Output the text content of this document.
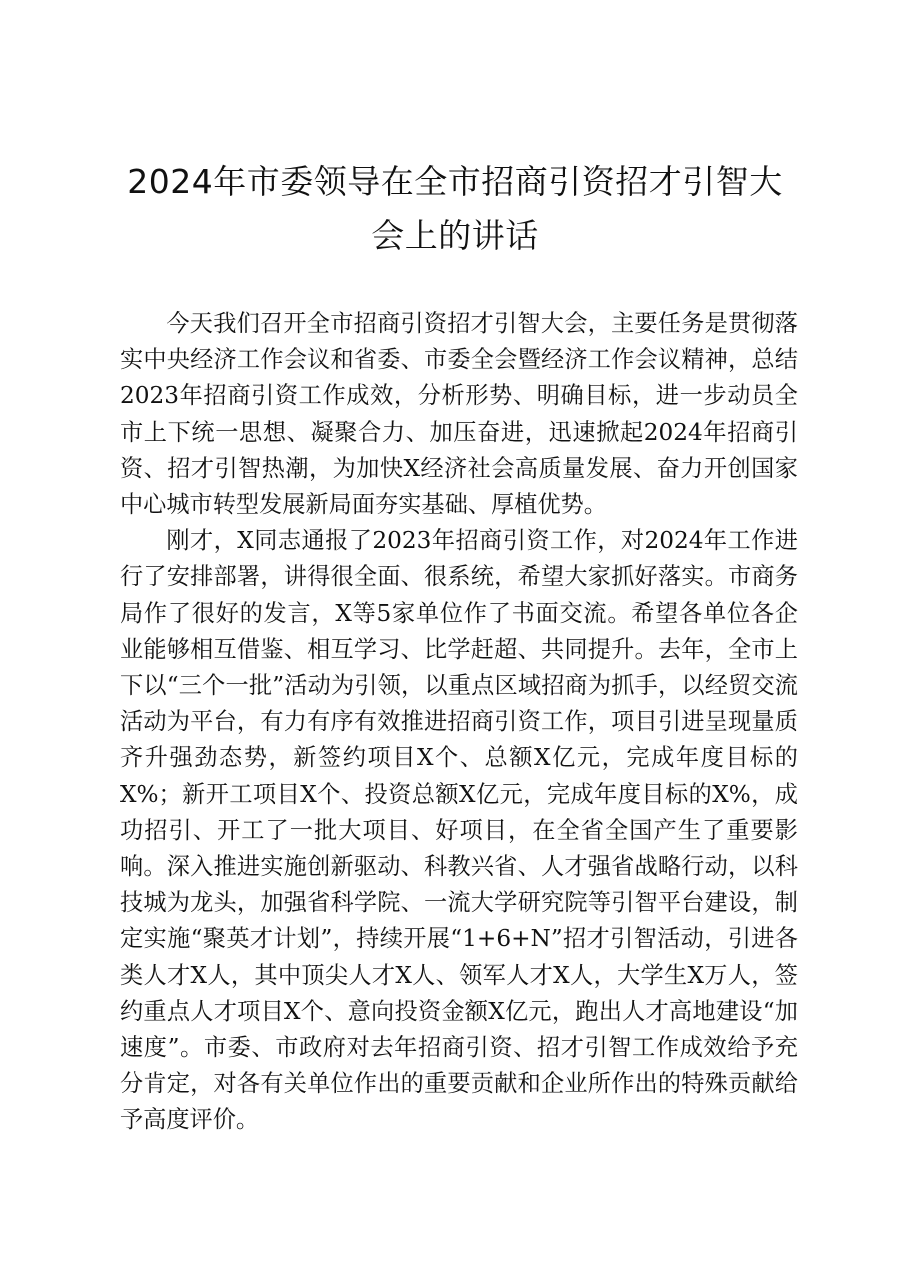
2024年市委领导在全市招商引资招才引智大
会上的讲话

今天我们召开全市招商引资招才引智大会，主要任务是贯彻落实中央经济工作会议和省委、市委全会暨经济工作会议精神，总结2023年招商引资工作成效，分析形势、明确目标，进一步动员全市上下统一思想、凝聚合力、加压奋进，迅速掀起2024年招商引资、招才引智热潮，为加快X经济社会高质量发展、奋力开创国家中心城市转型发展新局面夯实基础、厚植优势。

刚才，X同志通报了2023年招商引资工作，对2024年工作进行了安排部署，讲得很全面、很系统，希望大家抓好落实。市商务局作了很好的发言，X等5家单位作了书面交流。希望各单位各企业能够相互借鉴、相互学习、比学赶超、共同提升。去年，全市上下以“三个一批”活动为引领，以重点区域招商为抓手，以经贸交流活动为平台，有力有序有效推进招商引资工作，项目引进呈现量质齐升强劲态势，新签约项目X个、总额X亿元，完成年度目标的X%；新开工项目X个、投资总额X亿元，完成年度目标的X%，成功招引、开工了一批大项目、好项目，在全省全国产生了重要影响。深入推进实施创新驱动、科教兴省、人才强省战略行动，以科技城为龙头，加强省科学院、一流大学研究院等引智平台建设，制定实施“聚英才计划”，持续开展“1+6+N”招才引智活动，引进各类人才X人，其中顶尖人才X人、领军人才X人，大学生X万人，签约重点人才项目X个、意向投资金额X亿元，跑出人才高地建设“加速度”。市委、市政府对去年招商引资、招才引智工作成效给予充分肯定，对各有关单位作出的重要贡献和企业所作出的特殊贡献给予高度评价。
